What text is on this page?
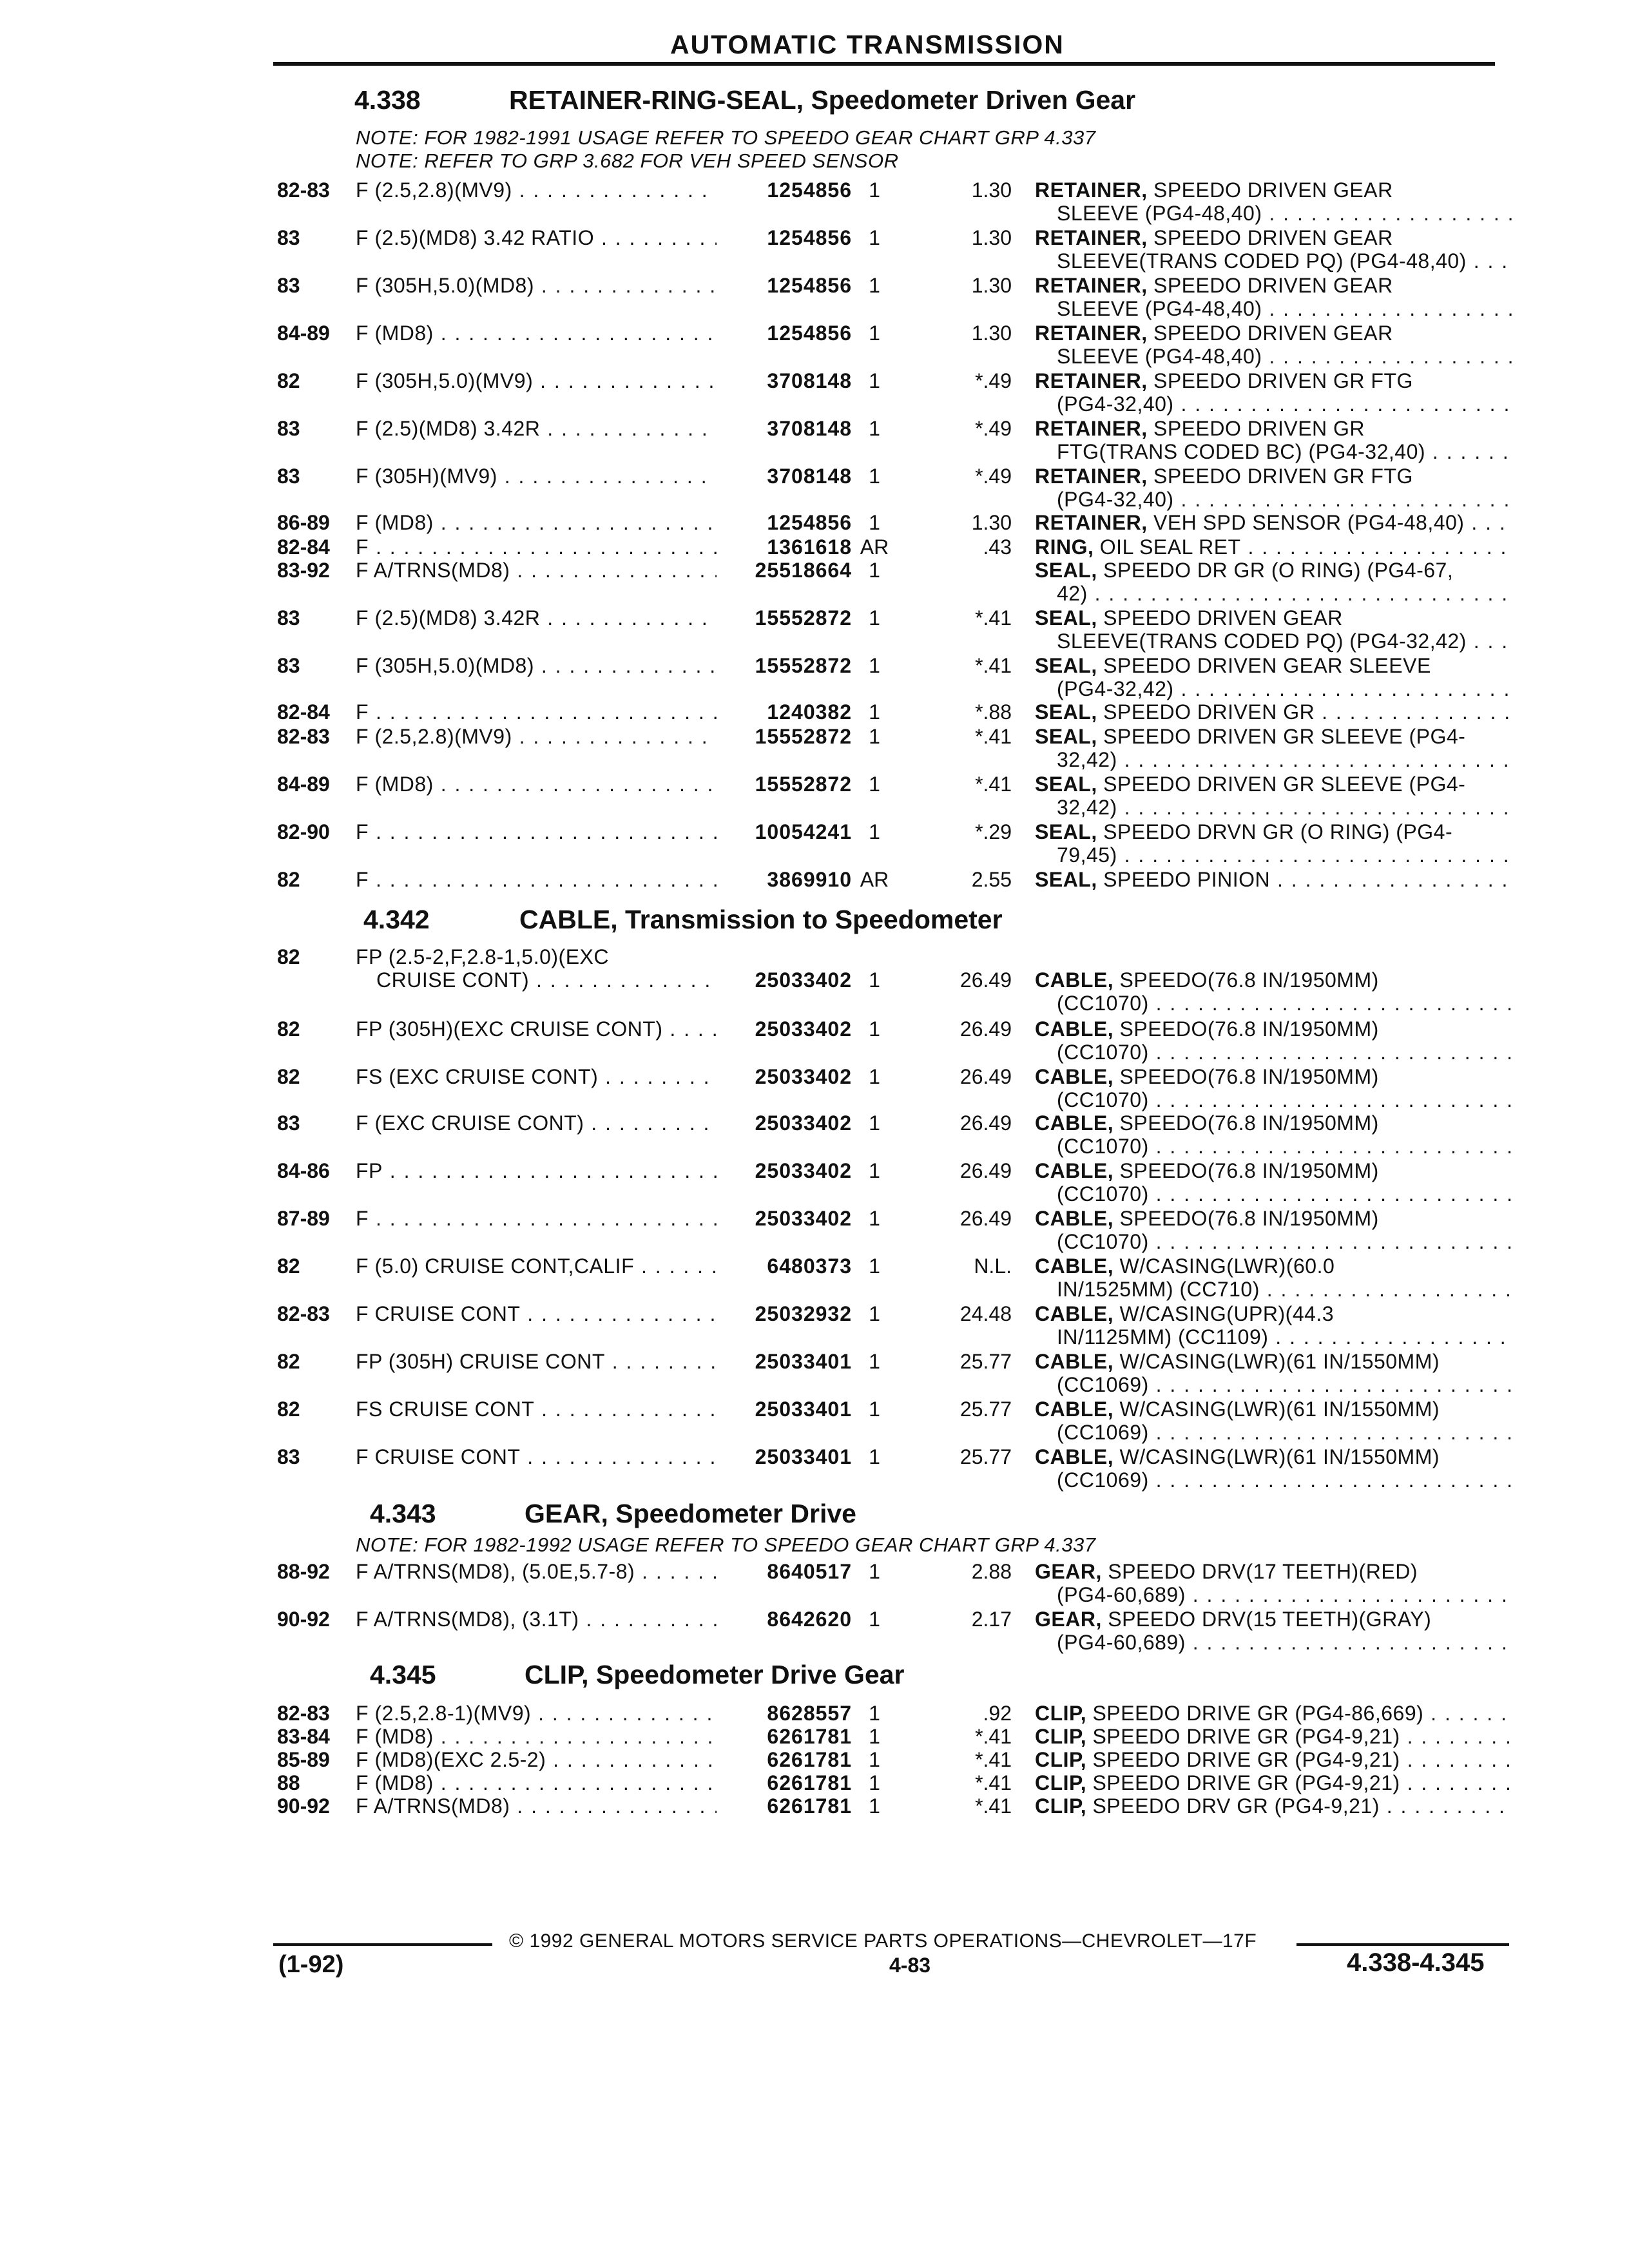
AUTOMATIC TRANSMISSION
4.338	RETAINER-RING-SEAL, Speedometer Driven Gear
NOTE: FOR 1982-1991 USAGE REFER TO SPEEDO GEAR CHART GRP 4.337
NOTE: REFER TO GRP 3.682 FOR VEH SPEED SENSOR
82-83	F (2.5,2.8)(MV9) . . .	1254856 1	1.30 RETAINER, SPEEDO DRIVEN GEAR
SLEEVE (PG4-48,40) . . .
83	F (2.5)(MD8) 3.42 RATIO . . .	1254856 1	1.30 RETAINER, SPEEDO DRIVEN GEAR
SLEEVE(TRANS CODED PQ) (PG4-48,40) . . .
83	F (305H,5.0)(MD8) . . .	1254856 1	1.30 RETAINER, SPEEDO DRIVEN GEAR
SLEEVE (PG4-48,40) . . .
84-89	F (MD8) . . .	1254856 1	1.30 RETAINER, SPEEDO DRIVEN GEAR
SLEEVE (PG4-48,40) . . .
82	F (305H,5.0)(MV9) . . .	3708148 1	*.49 RETAINER, SPEEDO DRIVEN GR FTG
(PG4-32,40) . . .
83	F (2.5)(MD8) 3.42R . . .	3708148 1	*.49 RETAINER, SPEEDO DRIVEN GR
FTG(TRANS CODED BC) (PG4-32,40) . . .
83	F (305H)(MV9) . . .	3708148 1	*.49 RETAINER, SPEEDO DRIVEN GR FTG
(PG4-32,40) . . .
86-89	F (MD8) . . .	1254856 1	1.30 RETAINER, VEH SPD SENSOR (PG4-48,40) . . .
82-84	F . . .	1361618 AR	.43 RING, OIL SEAL RET . . .
83-92	F A/TRNS(MD8) . . .	25518664 1	SEAL, SPEEDO DR GR (O RING) (PG4-67,
42) . . .
83	F (2.5)(MD8) 3.42R . . .	15552872 1	*.41 SEAL, SPEEDO DRIVEN GEAR
SLEEVE(TRANS CODED PQ) (PG4-32,42) . . .
83	F (305H,5.0)(MD8) . . .	15552872 1	*.41 SEAL, SPEEDO DRIVEN GEAR SLEEVE
(PG4-32,42) . . .
82-84	F . . .	1240382 1	*.88 SEAL, SPEEDO DRIVEN GR . . .
82-83	F (2.5,2.8)(MV9) . . .	15552872 1	*.41 SEAL, SPEEDO DRIVEN GR SLEEVE (PG4-
32,42) . . .
84-89	F (MD8) . . .	15552872 1	*.41 SEAL, SPEEDO DRIVEN GR SLEEVE (PG4-
32,42) . . .
82-90	F . . .	10054241 1	*.29 SEAL, SPEEDO DRVN GR (O RING) (PG4-
79,45) . . .
82	F . . .	3869910 AR	2.55 SEAL, SPEEDO PINION . . .
4.342	CABLE, Transmission to Speedometer
82	FP (2.5-2,F,2.8-1,5.0)(EXC
CRUISE CONT) . . .	25033402 1	26.49 CABLE, SPEEDO(76.8 IN/1950MM)
(CC1070) . . .
82	FP (305H)(EXC CRUISE CONT) . . .	25033402 1	26.49 CABLE, SPEEDO(76.8 IN/1950MM)
(CC1070) . . .
82	FS (EXC CRUISE CONT) . . .	25033402 1	26.49 CABLE, SPEEDO(76.8 IN/1950MM)
(CC1070) . . .
83	F (EXC CRUISE CONT) . . .	25033402 1	26.49 CABLE, SPEEDO(76.8 IN/1950MM)
(CC1070) . . .
84-86	FP . . .	25033402 1	26.49 CABLE, SPEEDO(76.8 IN/1950MM)
(CC1070) . . .
87-89	F . . .	25033402 1	26.49 CABLE, SPEEDO(76.8 IN/1950MM)
(CC1070) . . .
82	F (5.0) CRUISE CONT,CALIF . . .	6480373 1	N.L. CABLE, W/CASING(LWR)(60.0
IN/1525MM) (CC710) . . .
82-83	F CRUISE CONT . . .	25032932 1	24.48 CABLE, W/CASING(UPR)(44.3
IN/1125MM) (CC1109) . . .
82	FP (305H) CRUISE CONT . . .	25033401 1	25.77 CABLE, W/CASING(LWR)(61 IN/1550MM)
(CC1069) . . .
82	FS CRUISE CONT . . .	25033401 1	25.77 CABLE, W/CASING(LWR)(61 IN/1550MM)
(CC1069) . . .
83	F CRUISE CONT . . .	25033401 1	25.77 CABLE, W/CASING(LWR)(61 IN/1550MM)
(CC1069) . . .
4.343	GEAR, Speedometer Drive
NOTE: FOR 1982-1992 USAGE REFER TO SPEEDO GEAR CHART GRP 4.337
88-92	F A/TRNS(MD8), (5.0E,5.7-8) . . .	8640517 1	2.88 GEAR, SPEEDO DRV(17 TEETH)(RED)
(PG4-60,689) . . .
90-92	F A/TRNS(MD8), (3.1T) . . .	8642620 1	2.17 GEAR, SPEEDO DRV(15 TEETH)(GRAY)
(PG4-60,689) . . .
4.345	CLIP, Speedometer Drive Gear
82-83	F (2.5,2.8-1)(MV9) . . .	8628557 1	.92 CLIP, SPEEDO DRIVE GR (PG4-86,669) . . .
83-84	F (MD8) . . .	6261781 1	*.41 CLIP, SPEEDO DRIVE GR (PG4-9,21) . . .
85-89	F (MD8)(EXC 2.5-2) . . .	6261781 1	*.41 CLIP, SPEEDO DRIVE GR (PG4-9,21) . . .
88	F (MD8) . . .	6261781 1	*.41 CLIP, SPEEDO DRIVE GR (PG4-9,21) . . .
90-92	F A/TRNS(MD8) . . .	6261781 1	*.41 CLIP, SPEEDO DRV GR (PG4-9,21) . . .
© 1992 GENERAL MOTORS SERVICE PARTS OPERATIONS—CHEVROLET—17F
(1-92)	4-83	4.338-4.345
